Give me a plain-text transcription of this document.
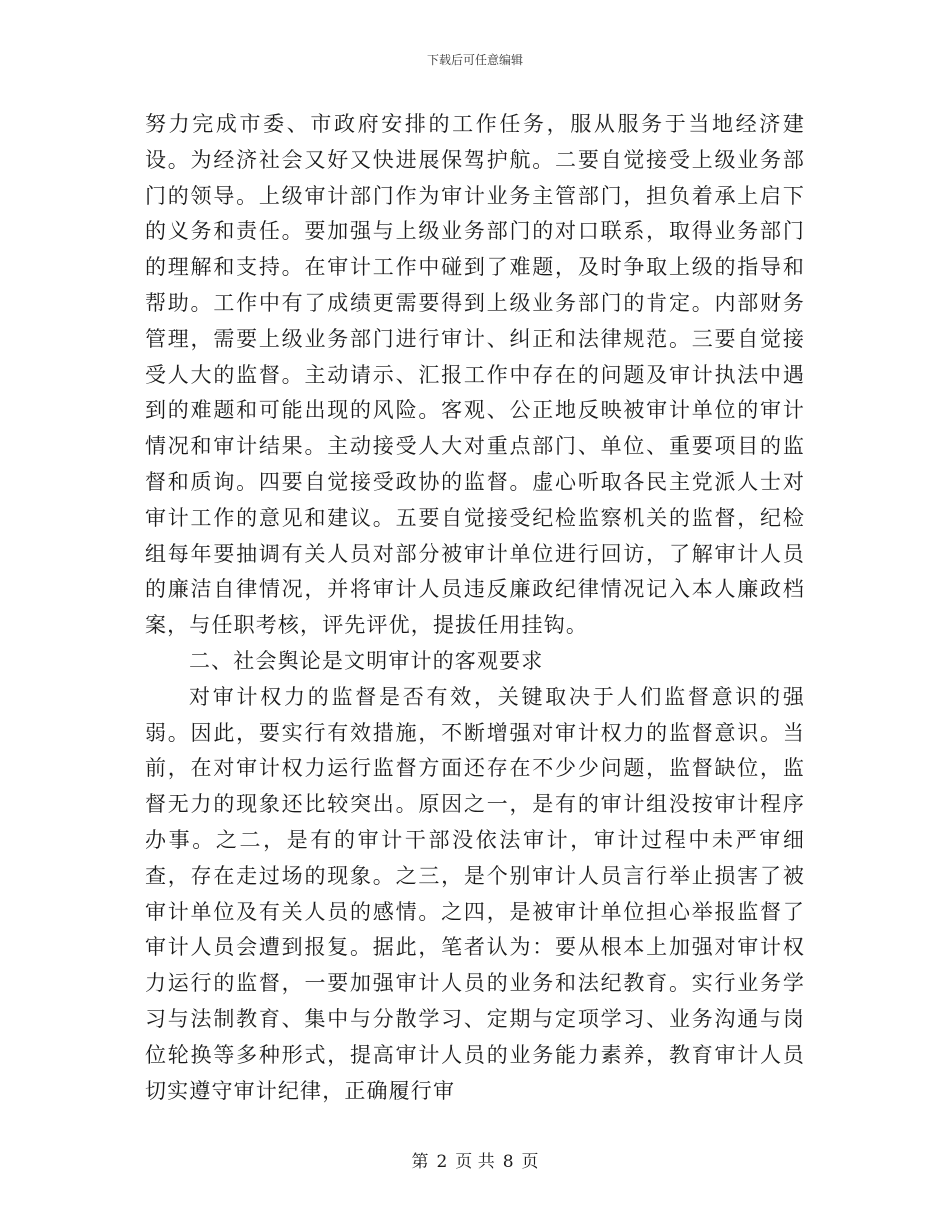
下载后可任意编辑

努力完成市委、市政府安排的工作任务，服从服务于当地经济建设。为经济社会又好又快进展保驾护航。二要自觉接受上级业务部门的领导。上级审计部门作为审计业务主管部门，担负着承上启下的义务和责任。要加强与上级业务部门的对口联系，取得业务部门的理解和支持。在审计工作中碰到了难题，及时争取上级的指导和帮助。工作中有了成绩更需要得到上级业务部门的肯定。内部财务管理，需要上级业务部门进行审计、纠正和法律规范。三要自觉接受人大的监督。主动请示、汇报工作中存在的问题及审计执法中遇到的难题和可能出现的风险。客观、公正地反映被审计单位的审计情况和审计结果。主动接受人大对重点部门、单位、重要项目的监督和质询。四要自觉接受政协的监督。虚心听取各民主党派人士对审计工作的意见和建议。五要自觉接受纪检监察机关的监督，纪检组每年要抽调有关人员对部分被审计单位进行回访，了解审计人员的廉洁自律情况，并将审计人员违反廉政纪律情况记入本人廉政档案，与任职考核，评先评优，提拔任用挂钩。

二、社会舆论是文明审计的客观要求

对审计权力的监督是否有效，关键取决于人们监督意识的强弱。因此，要实行有效措施，不断增强对审计权力的监督意识。当前，在对审计权力运行监督方面还存在不少少问题，监督缺位，监督无力的现象还比较突出。原因之一，是有的审计组没按审计程序办事。之二，是有的审计干部没依法审计，审计过程中未严审细查，存在走过场的现象。之三，是个别审计人员言行举止损害了被审计单位及有关人员的感情。之四，是被审计单位担心举报监督了审计人员会遭到报复。据此，笔者认为：要从根本上加强对审计权力运行的监督，一要加强审计人员的业务和法纪教育。实行业务学习与法制教育、集中与分散学习、定期与定项学习、业务沟通与岗位轮换等多种形式，提高审计人员的业务能力素养，教育审计人员切实遵守审计纪律，正确履行审

第 2 页 共 8 页
